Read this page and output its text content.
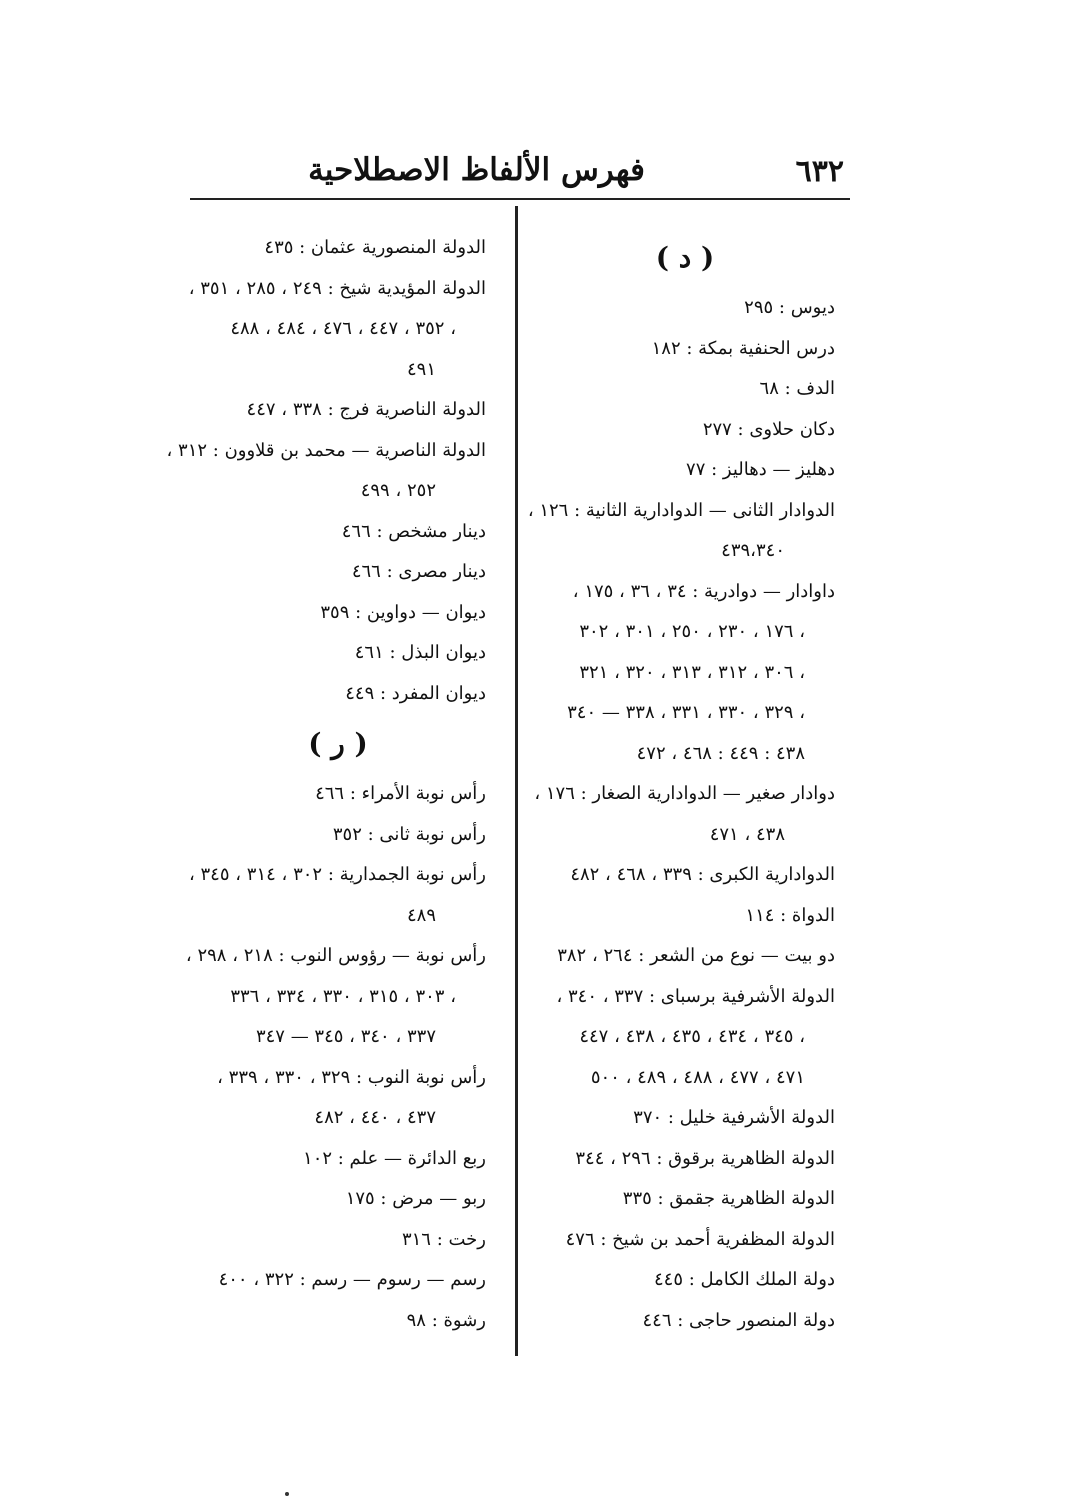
٦٣٢
فهرس الألفاظ الاصطلاحية
( د )
ديوس : ٢٩٥
درس الحنفية بمكة : ١٨٢
الدف : ٦٨
دكان حلاوى : ٢٧٧
دهليز — دهاليز : ٧٧
الدوادار الثانى — الدوادارية الثانية : ١٢٦ ،
٤٣٩،٣٤٠
داوادار — دوادرية : ٣٤ ، ٣٦ ، ١٧٥ ،
١٧٦ ، ٢٣٠ ، ٢٥٠ ، ٣٠١ ، ٣٠٢ ،
٣٠٦ ، ٣١٢ ، ٣١٣ ، ٣٢٠ ، ٣٢١ ،
٣٢٩ ، ٣٣٠ ، ٣٣١ ، ٣٣٨ — ٣٤٠ ،
٤٣٨ : ٤٤٩ : ٤٦٨ ، ٤٧٢
دوادار صغير — الدوادارية الصغار : ١٧٦ ،
٤٣٨ ، ٤٧١
الدوادارية الكبرى : ٣٣٩ ، ٤٦٨ ، ٤٨٢
الدواة : ١١٤
دو بيت — نوع من الشعر : ٢٦٤ ، ٣٨٢
الدولة الأشرفية برسباى : ٣٣٧ ، ٣٤٠ ،
٣٤٥ ، ٤٣٤ ، ٤٣٥ ، ٤٣٨ ، ٤٤٧ ،
٤٧١ ، ٤٧٧ ، ٤٨٨ ، ٤٨٩ ، ٥٠٠
الدولة الأشرفية خليل : ٣٧٠
الدولة الظاهرية برقوق : ٢٩٦ ، ٣٤٤
الدولة الظاهرية جقمق : ٣٣٥
الدولة المظفرية أحمد بن شيخ : ٤٧٦
دولة الملك الكامل : ٤٤٥
دولة المنصور حاجى : ٤٤٦
الدولة المنصورية عثمان : ٤٣٥
الدولة المؤيدية شيخ : ٢٤٩ ، ٢٨٥ ، ٣٥١ ،
٣٥٢ ، ٤٤٧ ، ٤٧٦ ، ٤٨٤ ، ٤٨٨ ،
٤٩١
الدولة الناصرية فرج : ٣٣٨ ، ٤٤٧
الدولة الناصرية — محمد بن قلاوون : ٣١٢ ،
٢٥٢ ، ٤٩٩
دينار مشخص : ٤٦٦
دينار مصرى : ٤٦٦
ديوان — دواوين : ٣٥٩
ديوان البذل : ٤٦١
ديوان المفرد : ٤٤٩
( ر )
رأس نوبة الأمراء : ٤٦٦
رأس نوبة ثانى : ٣٥٢
رأس نوبة الجمدارية : ٣٠٢ ، ٣١٤ ، ٣٤٥ ،
٤٨٩
رأس نوبة — رؤوس النوب : ٢١٨ ، ٢٩٨ ،
٣٠٣ ، ٣١٥ ، ٣٣٠ ، ٣٣٤ ، ٣٣٦ ،
٣٣٧ ، ٣٤٠ ، ٣٤٥ — ٣٤٧
رأس نوبة النوب : ٣٢٩ ، ٣٣٠ ، ٣٣٩ ،
٤٣٧ ، ٤٤٠ ، ٤٨٢
ربع الدائرة — علم : ١٠٢
ربو — مرض : ١٧٥
رخت : ٣١٦
رسم — رسوم — رسم : ٣٢٢ ، ٤٠٠
رشوة : ٩٨
